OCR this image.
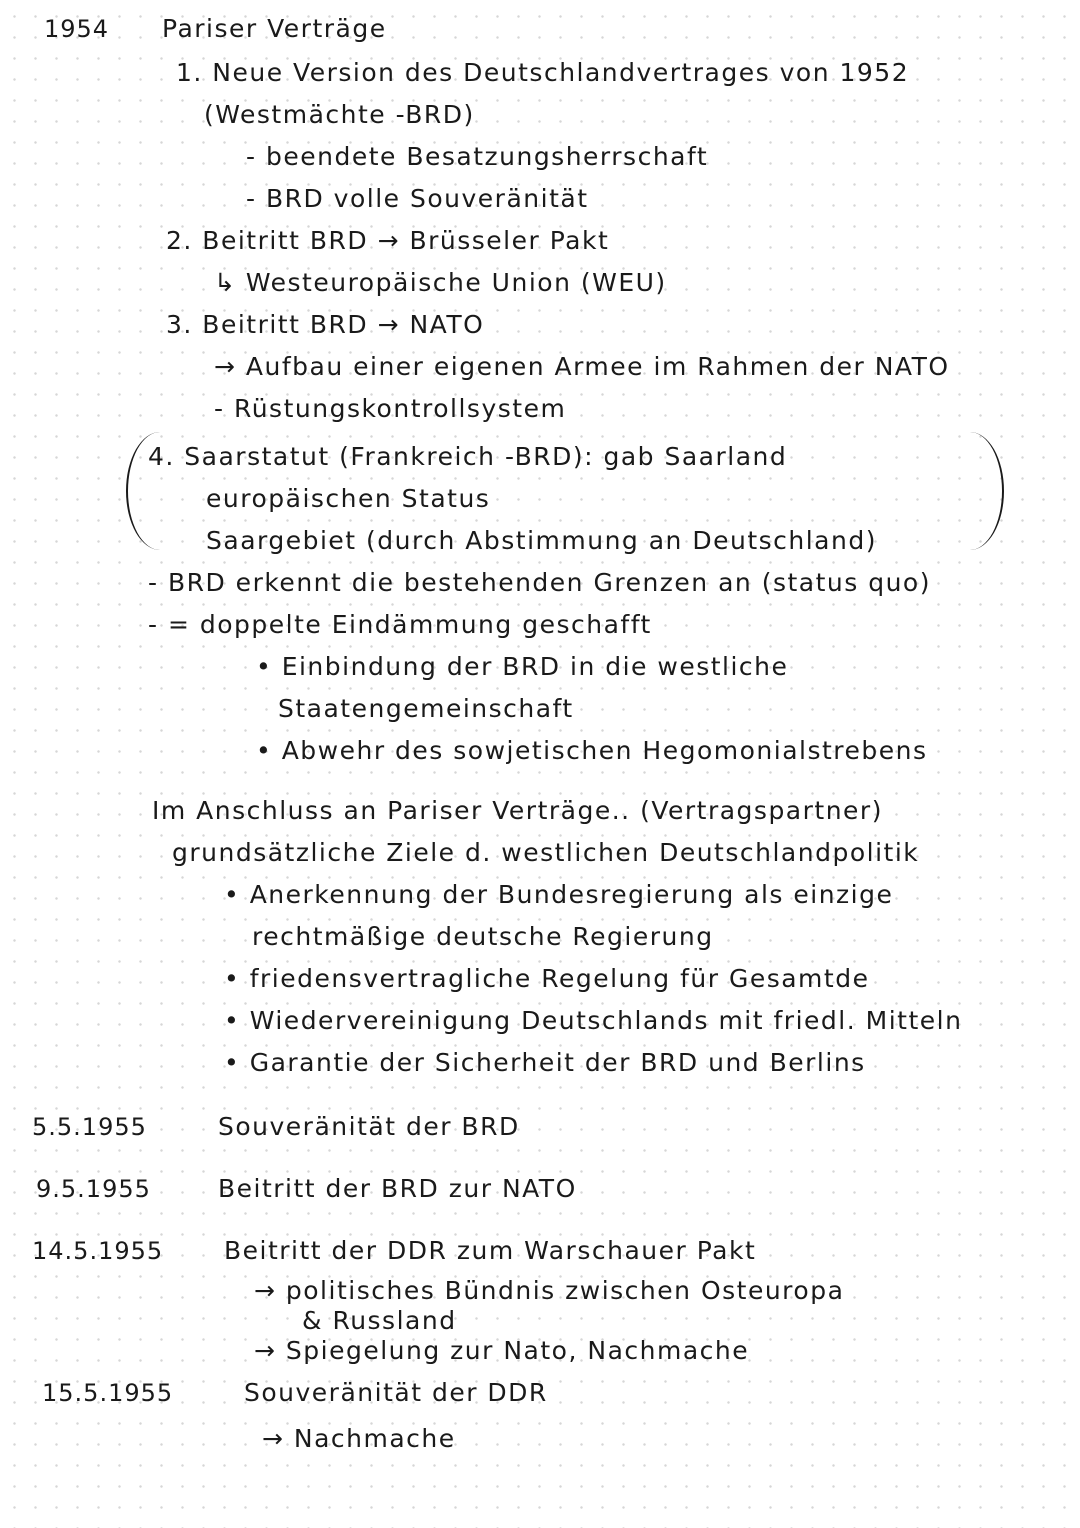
1954 Pariser Verträge
1. Neue Version des Deutschlandvertrages von 1952
(Westmächte -BRD)
- beendete Besatzungsherrschaft
- BRD volle Souveränität
2. Beitritt BRD → Brüsseler Pakt
↳ Westeuropäische Union (WEU)
3. Beitritt BRD → NATO
→ Aufbau einer eigenen Armee im Rahmen der NATO
- Rüstungskontrollsystem
4. Saarstatut (Frankreich -BRD): gab Saarland
europäischen Status
Saargebiet (durch Abstimmung an Deutschland)
- BRD erkennt die bestehenden Grenzen an (status quo)
- = doppelte Eindämmung geschafft
• Einbindung der BRD in die westliche
Staatengemeinschaft
• Abwehr des sowjetischen Hegomonialstrebens
Im Anschluss an Pariser Verträge.. (Vertragspartner)
grundsätzliche Ziele d. westlichen Deutschlandpolitik
• Anerkennung der Bundesregierung als einzige
rechtmäßige deutsche Regierung
• friedensvertragliche Regelung für Gesamtde
• Wiedervereinigung Deutschlands mit friedl. Mitteln
• Garantie der Sicherheit der BRD und Berlins
5.5.1955	Souveränität der BRD
9.5.1955	Beitritt der BRD zur NATO
14.5.1955 Beitritt der DDR zum Warschauer Pakt
→ politisches Bündnis zwischen Osteuropa
& Russland
→ Spiegelung zur Nato, Nachmache
15.5.1955	Souveränität der DDR
→ Nachmache
